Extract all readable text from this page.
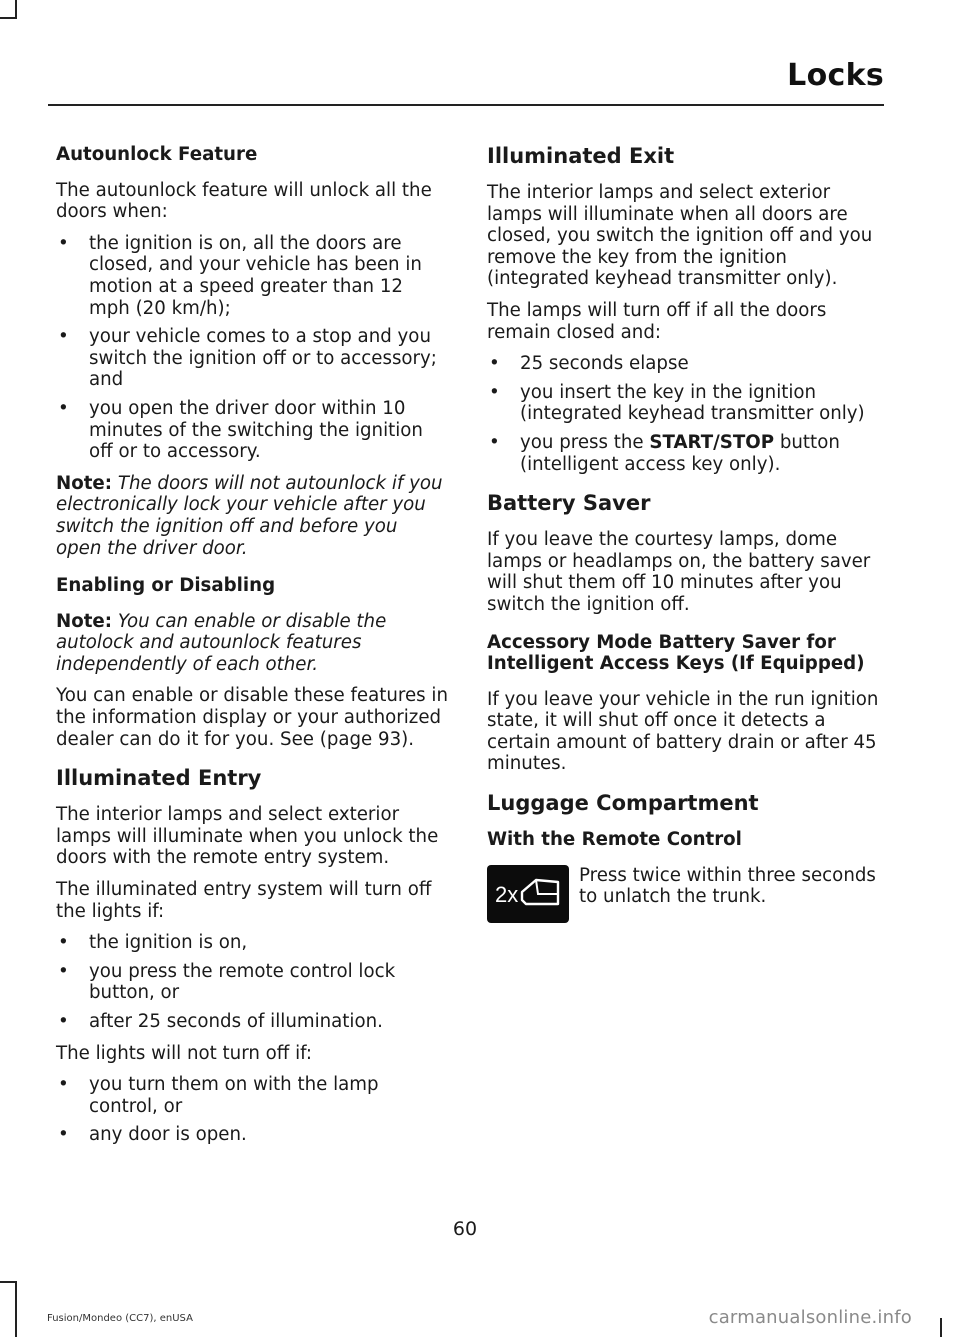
Locks
Autounlock Feature

The autounlock feature will unlock all the doors when:

• the ignition is on, all the doors are closed, and your vehicle has been in motion at a speed greater than 12 mph (20 km/h);
• your vehicle comes to a stop and you switch the ignition off or to accessory; and
• you open the driver door within 10 minutes of the switching the ignition off or to accessory.

Note: The doors will not autounlock if you electronically lock your vehicle after you switch the ignition off and before you open the driver door.

Enabling or Disabling

Note: You can enable or disable the autolock and autounlock features independently of each other.

You can enable or disable these features in the information display or your authorized dealer can do it for you. See (page 93).

Illuminated Entry

The interior lamps and select exterior lamps will illuminate when you unlock the doors with the remote entry system.

The illuminated entry system will turn off the lights if:

• the ignition is on,
• you press the remote control lock button, or
• after 25 seconds of illumination.

The lights will not turn off if:

• you turn them on with the lamp control, or
• any door is open.
Illuminated Exit

The interior lamps and select exterior lamps will illuminate when all doors are closed, you switch the ignition off and you remove the key from the ignition (integrated keyhead transmitter only).

The lamps will turn off if all the doors remain closed and:

• 25 seconds elapse
• you insert the key in the ignition (integrated keyhead transmitter only)
• you press the START/STOP button (intelligent access key only).
Battery Saver

If you leave the courtesy lamps, dome lamps or headlamps on, the battery saver will shut them off 10 minutes after you switch the ignition off.

Accessory Mode Battery Saver for Intelligent Access Keys (If Equipped)

If you leave your vehicle in the run ignition state, it will shut off once it detects a certain amount of battery drain or after 45 minutes.

Luggage Compartment
With the Remote Control
2x

Press twice within three seconds to unlatch the trunk.

60
Fusion/Mondeo (CC7), enUSA	carmanualsonline.info
